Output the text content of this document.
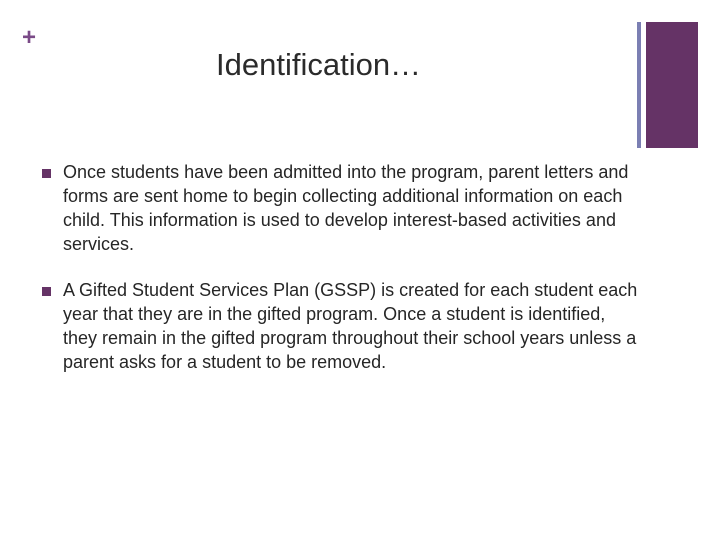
+
Identification…
Once students have been admitted into the program, parent letters and forms are sent home to begin collecting additional information on each child. This information is used to develop interest-based activities and services.
A Gifted Student Services Plan (GSSP) is created for each student each year that they are in the gifted program. Once a student is identified, they remain in the gifted program throughout their school years unless a parent asks for a student to be removed.
